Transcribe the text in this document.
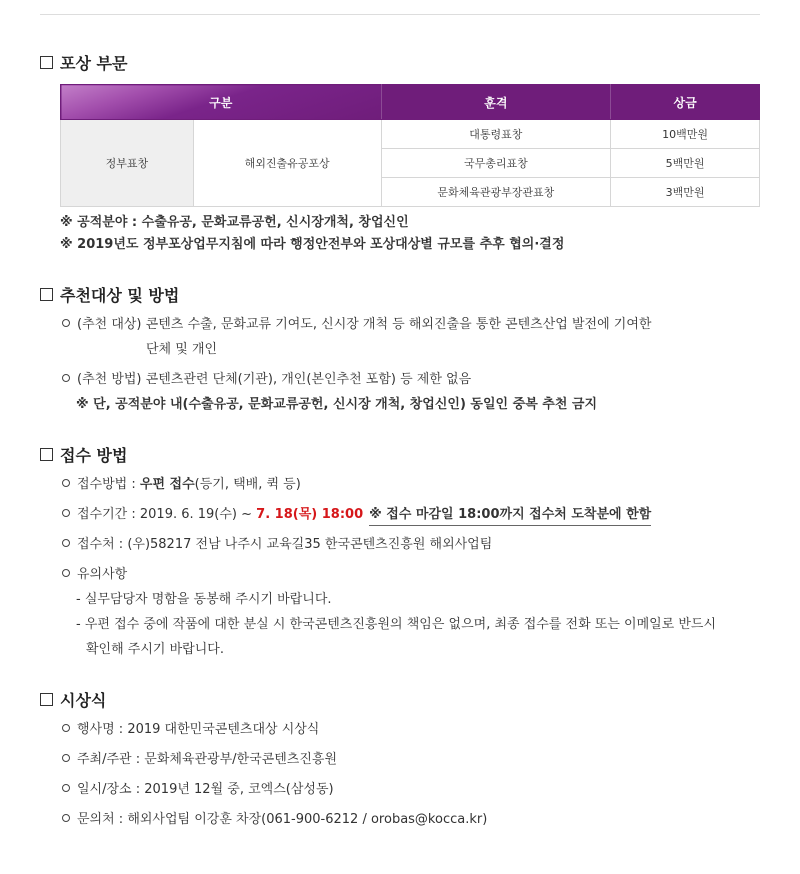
포상 부문
구분		훈격	상금
정부표창	해외진출유공포상	대통령표창	10백만원
		국무총리표창	5백만원
		문화체육관광부장관표창	3백만원
※ 공적분야 : 수출유공, 문화교류공헌, 신시장개척, 창업신인
※ 2019년도 정부포상업무지침에 따라 행정안전부와 포상대상별 규모를 추후 협의·결정
추천대상 및 방법
(추천 대상) 콘텐츠 수출, 문화교류 기여도, 신시장 개척 등 해외진출을 통한 콘텐츠산업 발전에 기여한
단체 및 개인
(추천 방법) 콘텐츠관련 단체(기관), 개인(본인추천 포함) 등 제한 없음
※ 단, 공적분야 내(수출유공, 문화교류공헌, 신시장 개척, 창업신인) 동일인 중복 추천 금지
접수 방법
접수방법 : 우편 접수(등기, 택배, 퀵 등)
접수기간 : 2019. 6. 19(수) ~ 7. 18(목) 18:00 ※ 접수 마감일 18:00까지 접수처 도착분에 한함
접수처 : (우)58217 전남 나주시 교육길35 한국콘텐츠진흥원 해외사업팀
유의사항
- 실무담당자 명함을 동봉해 주시기 바랍니다.
- 우편 접수 중에 작품에 대한 분실 시 한국콘텐츠진흥원의 책임은 없으며, 최종 접수를 전화 또는 이메일로 반드시
확인해 주시기 바랍니다.
시상식
행사명 : 2019 대한민국콘텐츠대상 시상식
주최/주관 : 문화체육관광부/한국콘텐츠진흥원
일시/장소 : 2019년 12월 중, 코엑스(삼성동)
문의처 : 해외사업팀 이강훈 차장(061-900-6212 / orobas@kocca.kr)
